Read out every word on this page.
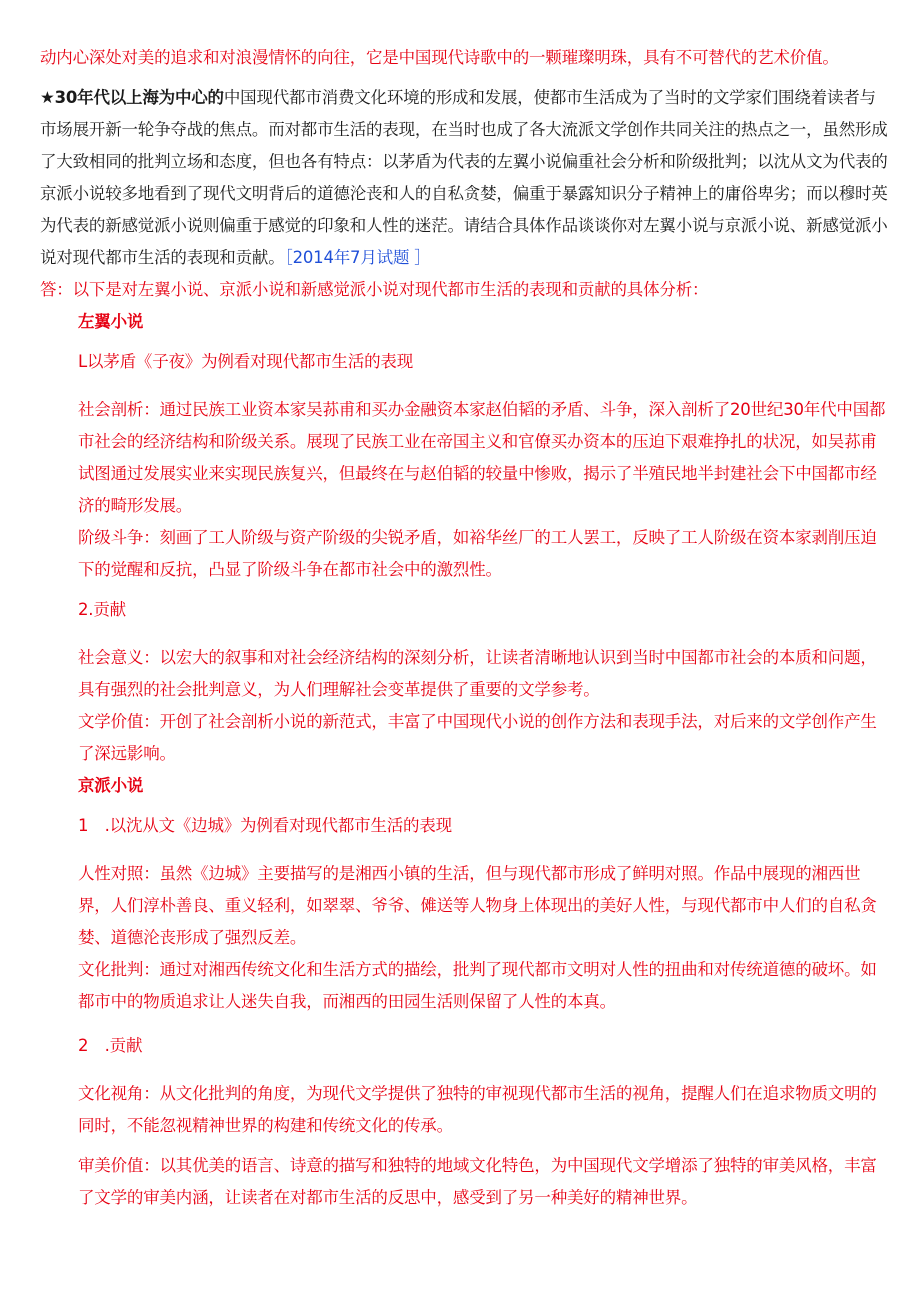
动内心深处对美的追求和对浪漫情怀的向往，它是中国现代诗歌中的一颗璀璨明珠，具有不可替代的艺术价值。

★30年代以上海为中心的中国现代都市消费文化环境的形成和发展，使都市生活成为了当时的文学家们围绕着读者与市场展开新一轮争夺战的焦点。而对都市生活的表现，在当时也成了各大流派文学创作共同关注的热点之一，虽然形成了大致相同的批判立场和态度，但也各有特点：以茅盾为代表的左翼小说偏重社会分析和阶级批判；以沈从文为代表的京派小说较多地看到了现代文明背后的道德沦丧和人的自私贪婪，偏重于暴露知识分子精神上的庸俗卑劣；而以穆时英为代表的新感觉派小说则偏重于感觉的印象和人性的迷茫。请结合具体作品谈谈你对左翼小说与京派小说、新感觉派小说对现代都市生活的表现和贡献。［2014年7月试题 ］

答：以下是对左翼小说、京派小说和新感觉派小说对现代都市生活的表现和贡献的具体分析：

左翼小说

L以茅盾《子夜》为例看对现代都市生活的表现

社会剖析：通过民族工业资本家吴荪甫和买办金融资本家赵伯韬的矛盾、斗争，深入剖析了20世纪30年代中国都市社会的经济结构和阶级关系。展现了民族工业在帝国主义和官僚买办资本的压迫下艰难挣扎的状况，如吴荪甫试图通过发展实业来实现民族复兴，但最终在与赵伯韬的较量中惨败，揭示了半殖民地半封建社会下中国都市经济的畸形发展。

阶级斗争：刻画了工人阶级与资产阶级的尖锐矛盾，如裕华丝厂的工人罢工，反映了工人阶级在资本家剥削压迫下的觉醒和反抗，凸显了阶级斗争在都市社会中的激烈性。

2.贡献

社会意义：以宏大的叙事和对社会经济结构的深刻分析，让读者清晰地认识到当时中国都市社会的本质和问题，具有强烈的社会批判意义，为人们理解社会变革提供了重要的文学参考。

文学价值：开创了社会剖析小说的新范式，丰富了中国现代小说的创作方法和表现手法，对后来的文学创作产生了深远影响。

京派小说

1　.以沈从文《边城》为例看对现代都市生活的表现

人性对照：虽然《边城》主要描写的是湘西小镇的生活，但与现代都市形成了鲜明对照。作品中展现的湘西世界，人们淳朴善良、重义轻利，如翠翠、爷爷、傩送等人物身上体现出的美好人性，与现代都市中人们的自私贪婪、道德沦丧形成了强烈反差。

文化批判：通过对湘西传统文化和生活方式的描绘，批判了现代都市文明对人性的扭曲和对传统道德的破坏。如都市中的物质追求让人迷失自我，而湘西的田园生活则保留了人性的本真。

2　.贡献

文化视角：从文化批判的角度，为现代文学提供了独特的审视现代都市生活的视角，提醒人们在追求物质文明的同时，不能忽视精神世界的构建和传统文化的传承。

审美价值：以其优美的语言、诗意的描写和独特的地域文化特色，为中国现代文学增添了独特的审美风格，丰富了文学的审美内涵，让读者在对都市生活的反思中，感受到了另一种美好的精神世界。
